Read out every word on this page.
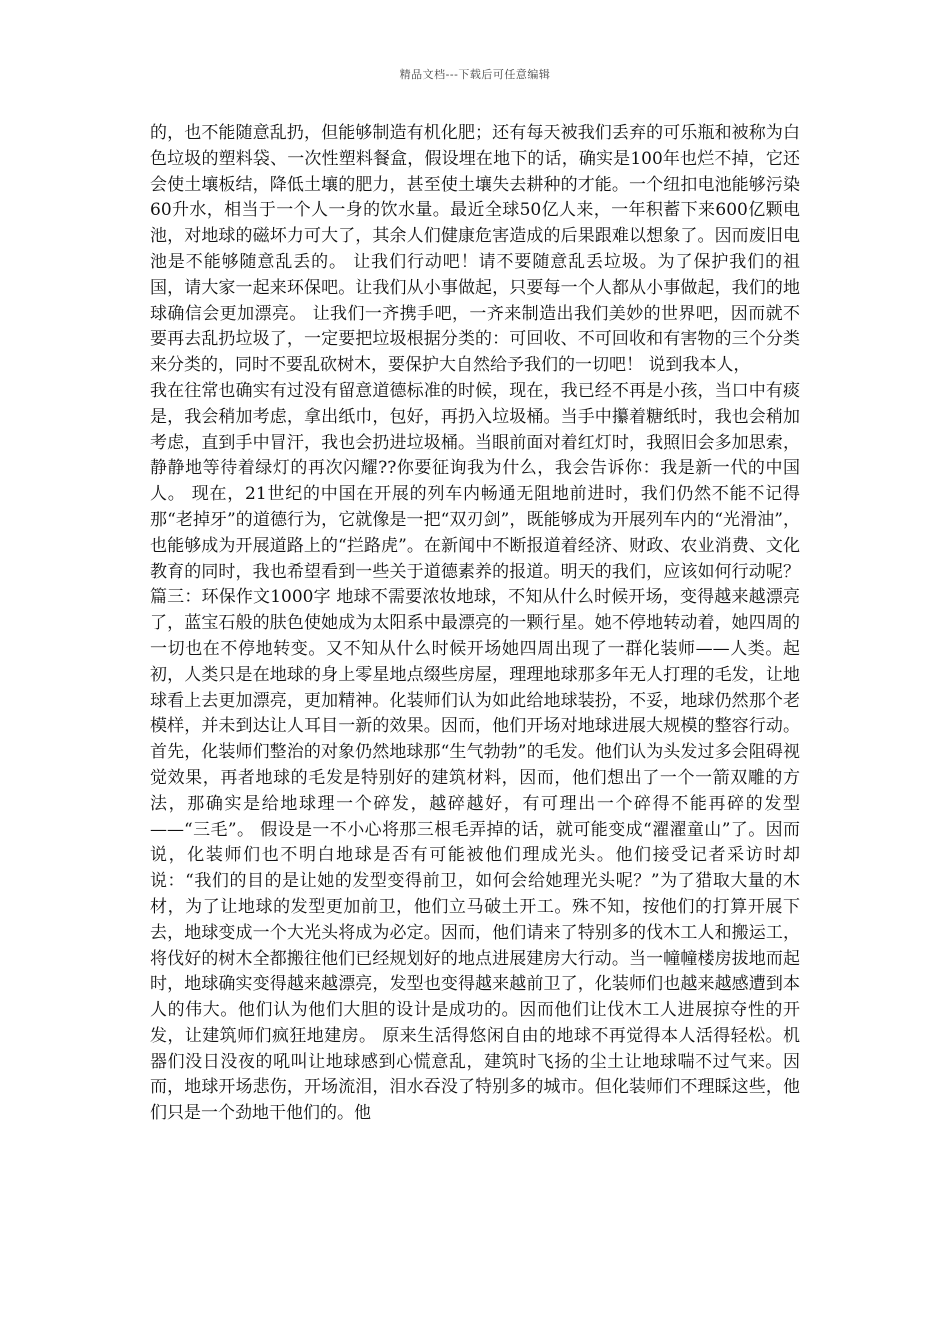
精品文档---下载后可任意编辑

的，也不能随意乱扔，但能够制造有机化肥；还有每天被我们丢弃的可乐瓶和被称为白色垃圾的塑料袋、一次性塑料餐盒，假设埋在地下的话，确实是100年也烂不掉，它还会使土壤板结，降低土壤的肥力，甚至使土壤失去耕种的才能。一个纽扣电池能够污染60升水，相当于一个人一身的饮水量。最近全球50亿人来，一年积蓄下来600亿颗电池，对地球的磁坏力可大了，其余人们健康危害造成的后果跟难以想象了。因而废旧电池是不能够随意乱丢的。 让我们行动吧！请不要随意乱丢垃圾。为了保护我们的祖国，请大家一起来环保吧。让我们从小事做起，只要每一个人都从小事做起，我们的地球确信会更加漂亮。 让我们一齐携手吧，一齐来制造出我们美妙的世界吧，因而就不要再去乱扔垃圾了，一定要把垃圾根据分类的：可回收、不可回收和有害物的三个分类来分类的，同时不要乱砍树木，要保护大自然给予我们的一切吧！ 说到我本人，

我在往常也确实有过没有留意道德标准的时候，现在，我已经不再是小孩，当口中有痰是，我会稍加考虑，拿出纸巾，包好，再扔入垃圾桶。当手中攥着糖纸时，我也会稍加考虑，直到手中冒汗，我也会扔进垃圾桶。当眼前面对着红灯时，我照旧会多加思索，静静地等待着绿灯的再次闪耀??你要征询我为什么，我会告诉你：我是新一代的中国人。 现在，21世纪的中国在开展的列车内畅通无阻地前进时，我们仍然不能不记得那“老掉牙”的道德行为，它就像是一把“双刃剑”，既能够成为开展列车内的“光滑油”，也能够成为开展道路上的“拦路虎”。在新闻中不断报道着经济、财政、农业消费、文化教育的同时，我也希望看到一些关于道德素养的报道。明天的我们，应该如何行动呢？ 篇三：环保作文1000字 地球不需要浓妆地球，不知从什么时候开场，变得越来越漂亮了，蓝宝石般的肤色使她成为太阳系中最漂亮的一颗行星。她不停地转动着，她四周的一切也在不停地转变。又不知从什么时候开场她四周出现了一群化装师——人类。起初，人类只是在地球的身上零星地点缀些房屋，理理地球那多年无人打理的毛发，让地球看上去更加漂亮，更加精神。化装师们认为如此给地球装扮，不妥，地球仍然那个老模样，并未到达让人耳目一新的效果。因而，他们开场对地球进展大规模的整容行动。首先，化装师们整治的对象仍然地球那“生气勃勃”的毛发。他们认为头发过多会阻碍视觉效果，再者地球的毛发是特别好的建筑材料，因而，他们想出了一个一箭双雕的方法，那确实是给地球理一个碎发，越碎越好，有可理出一个碎得不能再碎的发型——“三毛”。 假设是一不小心将那三根毛弄掉的话，就可能变成“濯濯童山”了。因而说，化装师们也不明白地球是否有可能被他们理成光头。他们接受记者采访时却说：“我们的目的是让她的发型变得前卫，如何会给她理光头呢？”为了猎取大量的木材，为了让地球的发型更加前卫，他们立马破土开工。殊不知，按他们的打算开展下去，地球变成一个大光头将成为必定。因而，他们请来了特别多的伐木工人和搬运工，将伐好的树木全都搬往他们已经规划好的地点进展建房大行动。当一幢幢楼房拔地而起时，地球确实变得越来越漂亮，发型也变得越来越前卫了，化装师们也越来越感遭到本人的伟大。他们认为他们大胆的设计是成功的。因而他们让伐木工人进展掠夺性的开发，让建筑师们疯狂地建房。 原来生活得悠闲自由的地球不再觉得本人活得轻松。机器们没日没夜的吼叫让地球感到心慌意乱，建筑时飞扬的尘土让地球喘不过气来。因而，地球开场悲伤，开场流泪，泪水吞没了特别多的城市。但化装师们不理睬这些，他们只是一个劲地干他们的。他
